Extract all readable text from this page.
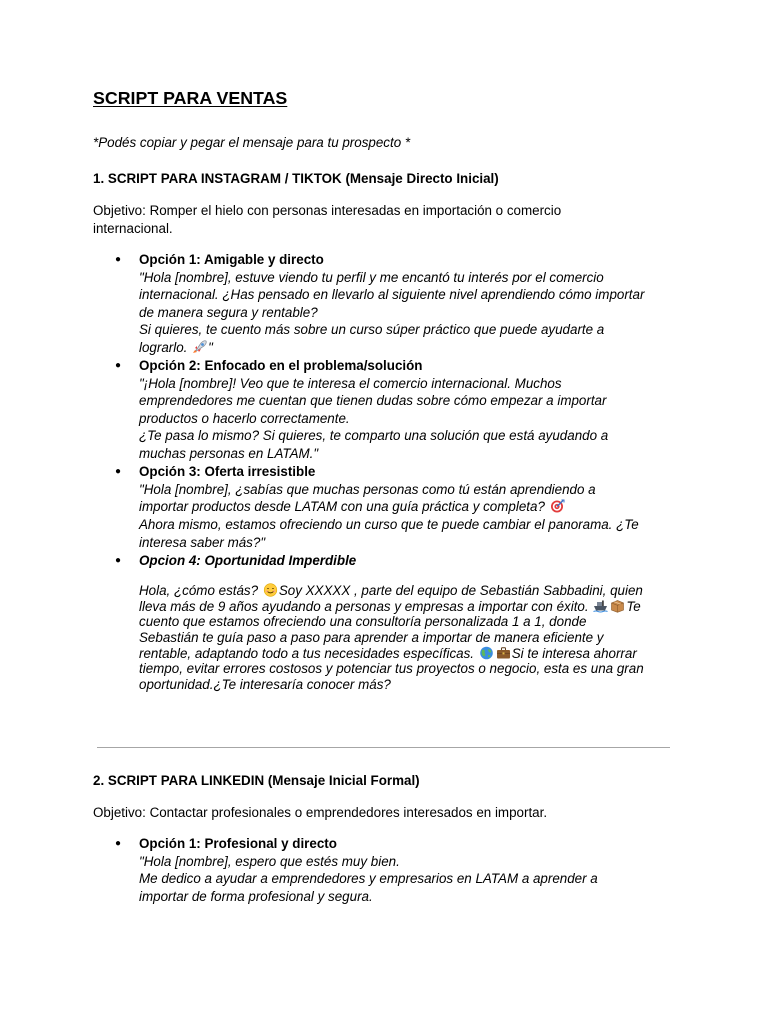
SCRIPT PARA VENTAS

*Podés copiar y pegar el mensaje para tu prospecto *

1. SCRIPT PARA INSTAGRAM / TIKTOK (Mensaje Directo Inicial)

Objetivo: Romper el hielo con personas interesadas en importación o comercio internacional.

● Opción 1: Amigable y directo
"Hola [nombre], estuve viendo tu perfil y me encantó tu interés por el comercio
internacional. ¿Has pensado en llevarlo al siguiente nivel aprendiendo cómo importar
de manera segura y rentable?
Si quieres, te cuento más sobre un curso súper práctico que puede ayudarte a
lograrlo. "
● Opción 2: Enfocado en el problema/solución
"¡Hola [nombre]! Veo que te interesa el comercio internacional. Muchos
emprendedores me cuentan que tienen dudas sobre cómo empezar a importar
productos o hacerlo correctamente.
¿Te pasa lo mismo? Si quieres, te comparto una solución que está ayudando a
muchas personas en LATAM."
● Opción 3: Oferta irresistible
"Hola [nombre], ¿sabías que muchas personas como tú están aprendiendo a
importar productos desde LATAM con una guía práctica y completa?
Ahora mismo, estamos ofreciendo un curso que te puede cambiar el panorama. ¿Te
interesa saber más?"
● Opcion 4: Oportunidad Imperdible
Hola, ¿cómo estás? Soy XXXXX , parte del equipo de Sebastián Sabbadini, quien
lleva más de 9 años ayudando a personas y empresas a importar con éxito.	Te
cuento que estamos ofreciendo una consultoría personalizada 1 a 1, donde
Sebastián te guía paso a paso para aprender a importar de manera eficiente y
rentable, adaptando todo a tus necesidades específicas.	Si te interesa ahorrar
tiempo, evitar errores costosos y potenciar tus proyectos o negocio, esta es una gran
oportunidad.¿Te interesaría conocer más?

2. SCRIPT PARA LINKEDIN (Mensaje Inicial Formal)

Objetivo: Contactar profesionales o emprendedores interesados en importar.

● Opción 1: Profesional y directo
"Hola [nombre], espero que estés muy bien.
Me dedico a ayudar a emprendedores y empresarios en LATAM a aprender a
importar de forma profesional y segura.
